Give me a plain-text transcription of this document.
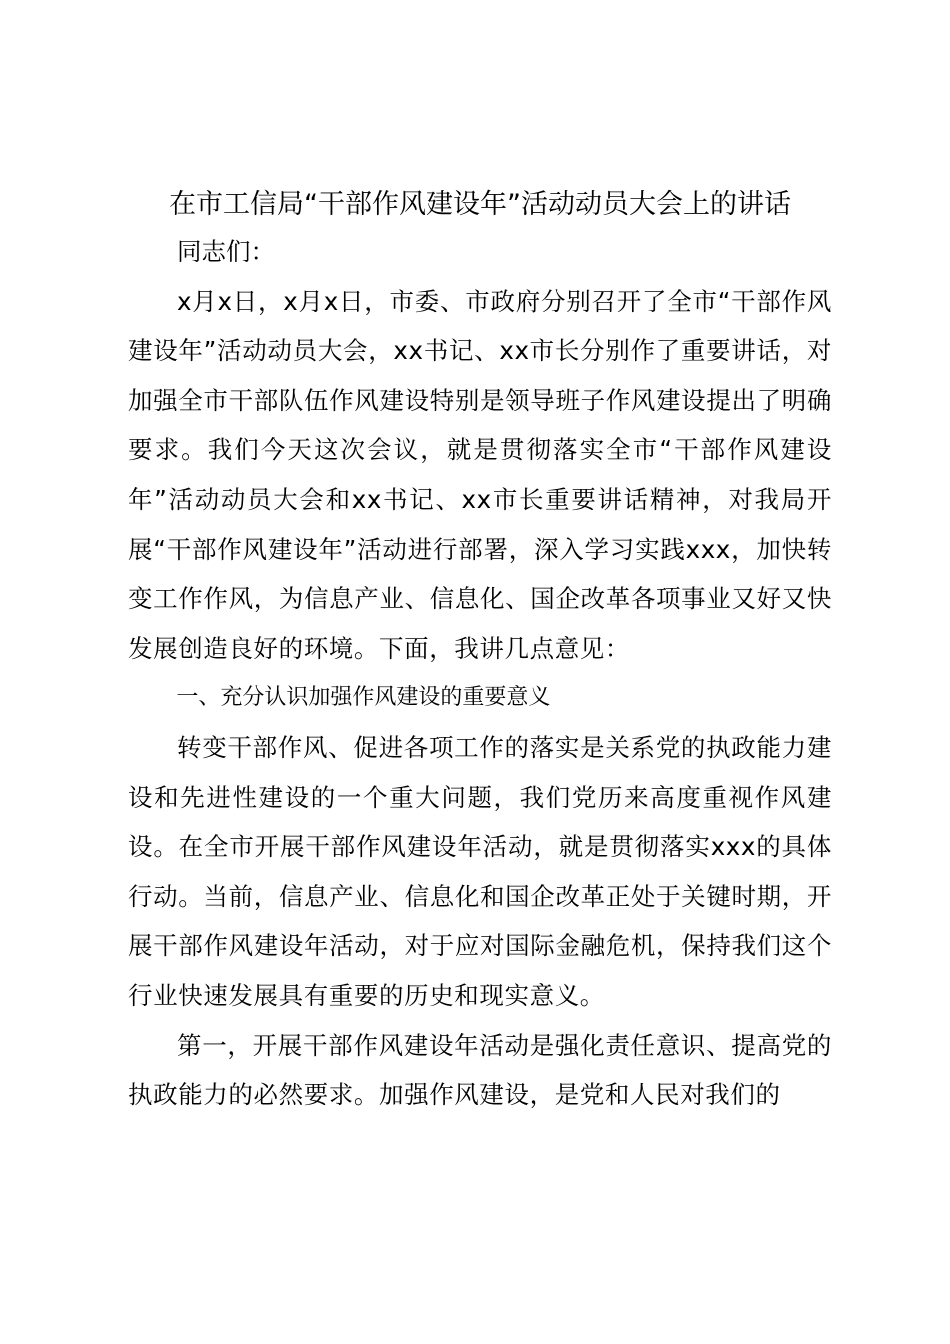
在市工信局“干部作风建设年”活动动员大会上的讲话

同志们：

x月x日，x月x日，市委、市政府分别召开了全市“干部作风建设年”活动动员大会，xx书记、xx市长分别作了重要讲话，对加强全市干部队伍作风建设特别是领导班子作风建设提出了明确要求。我们今天这次会议，就是贯彻落实全市“干部作风建设年”活动动员大会和xx书记、xx市长重要讲话精神，对我局开展“干部作风建设年”活动进行部署，深入学习实践xxx，加快转变工作作风，为信息产业、信息化、国企改革各项事业又好又快发展创造良好的环境。下面，我讲几点意见：

一、充分认识加强作风建设的重要意义

转变干部作风、促进各项工作的落实是关系党的执政能力建设和先进性建设的一个重大问题，我们党历来高度重视作风建设。在全市开展干部作风建设年活动，就是贯彻落实xxx的具体行动。当前，信息产业、信息化和国企改革正处于关键时期，开展干部作风建设年活动，对于应对国际金融危机，保持我们这个行业快速发展具有重要的历史和现实意义。

第一，开展干部作风建设年活动是强化责任意识、提高党的执政能力的必然要求。加强作风建设，是党和人民对我们的
